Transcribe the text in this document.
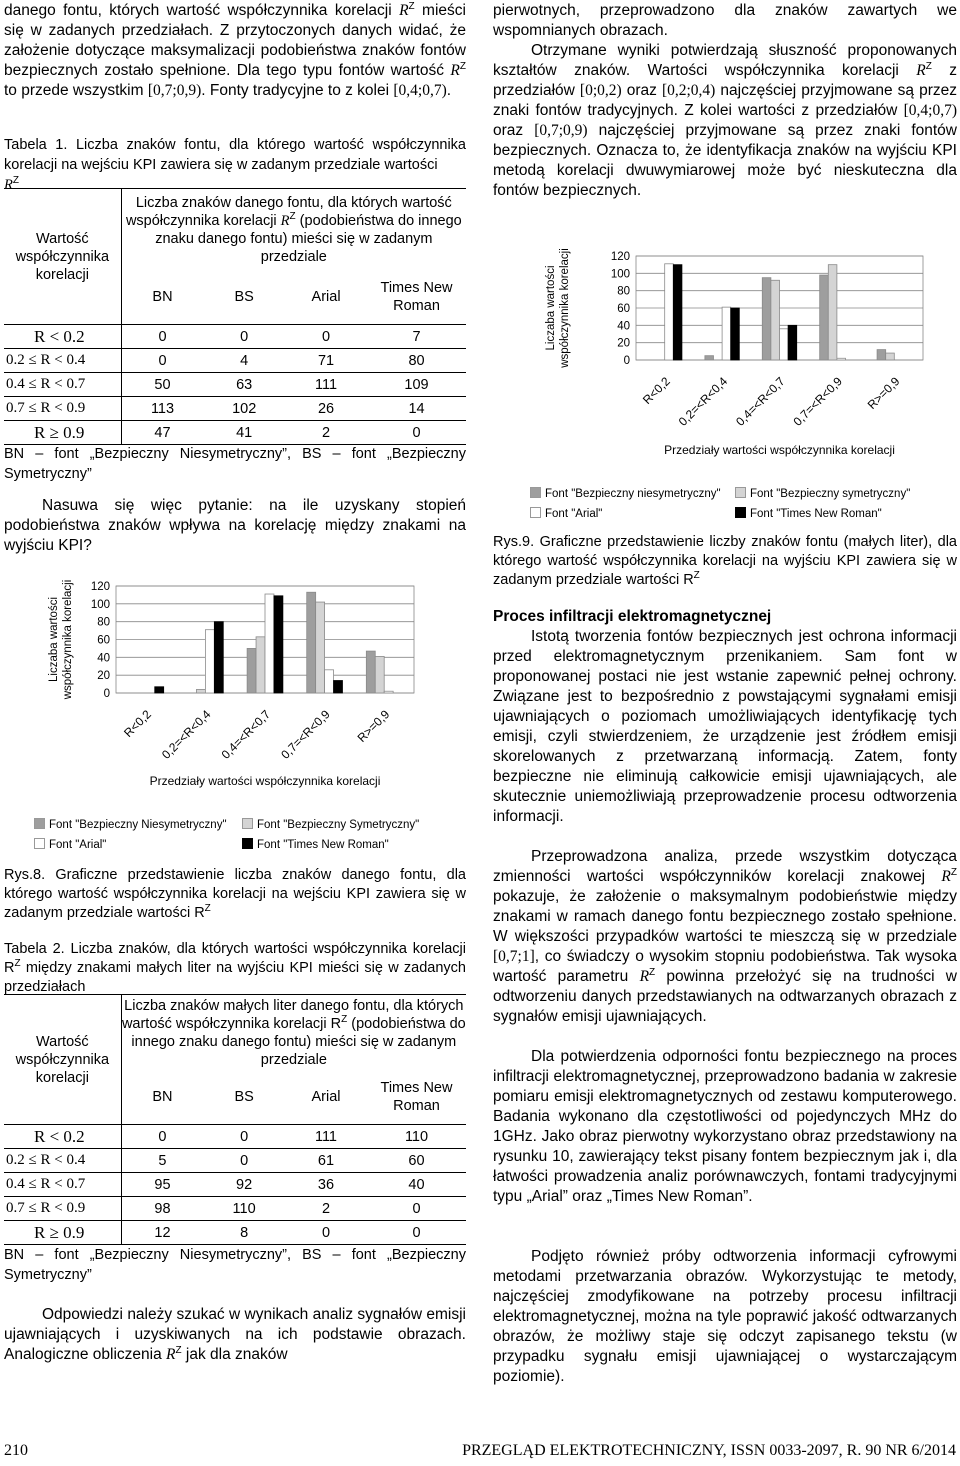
danego fontu, których wartość współczynnika korelacji $R^Z$ mieści się w zadanych przedziałach. Z przytoczonych danych widać, że założenie dotyczące maksymalizacji podobieństwa znaków fontów bezpiecznych zostało spełnione. Dla tego typu fontów wartość $R^Z$ to przede wszystkim [0,7;0,9). Fonty tradycyjne to z kolei [0,4;0,7).

Tabela 1. Liczba znaków fontu, dla którego wartość współczynnika korelacji na wejściu KPI zawiera się w zadanym przedziale wartości
$R^Z$

Wartość współczynnika korelacji	Liczba znaków danego fontu, dla których wartość współczynnika korelacji $R^Z$ (podobieństwa do innego znaku danego fontu) mieści się w zadanym przedziale			
	BN	BS	Arial	Times New Roman
R < 0.2	0	0	0	7
0.2 ≤ R < 0.4	0	4	71	80
0.4 ≤ R < 0.7	50	63	111	109
0.7 ≤ R < 0.9	113	102	26	14
R ≥ 0.9	47	41	2	0

BN – font „Bezpieczny Niesymetryczny”, BS – font „Bezpieczny Symetryczny”

Nasuwa się więc pytanie: na ile uzyskany stopień podobieństwa znaków wpływa na korelację między znakami na wyjściu KPI?

0
20
40
60
80
100
120
R<0,2 0,2=<R<0,4 0,4=<R<0,7 0,7=<R<0,9 R>=0,9
Liczaba wartości współczynnika korelacji
Przedziały wartości współczynnika korelacji
Font "Bezpieczny Niesymetryczny"	Font "Bezpieczny Symetryczny"
Font "Arial"	Font "Times New Roman"

Rys.8. Graficzne przedstawienie liczba znaków danego fontu, dla którego wartość współczynnika korelacji na wejściu KPI zawiera się w zadanym przedziale wartości $R^Z$

Tabela 2. Liczba znaków, dla których wartości współczynnika korelacji $R^Z$ między znakami małych liter na wyjściu KPI mieści się w zadanych przedziałach

Wartość współczynnika korelacji	Liczba znaków małych liter danego fontu, dla których wartość współczynnika korelacji $R^Z$ (podobieństwa do innego znaku danego fontu) mieści się w zadanym przedziale			
	BN	BS	Arial	Times New Roman
R < 0.2	0	0	111	110
0.2 ≤ R < 0.4	5	0	61	60
0.4 ≤ R < 0.7	95	92	36	40
0.7 ≤ R < 0.9	98	110	2	0
R ≥ 0.9	12	8	0	0

BN – font „Bezpieczny Niesymetryczny”, BS – font „Bezpieczny Symetryczny”

Odpowiedzi należy szukać w wynikach analiz sygnałów emisji ujawniających i uzyskiwanych na ich podstawie obrazach. Analogiczne obliczenia $R^Z$ jak dla znaków

pierwotnych, przeprowadzono dla znaków zawartych we wspomnianych obrazach.

Otrzymane wyniki potwierdzają słuszność proponowanych kształtów znaków. Wartości współczynnika korelacji $R^Z$ z przedziałów [0;0,2) oraz [0,2;0,4) najczęściej przyjmowane są przez znaki fontów tradycyjnych. Z kolei wartości z przedziałów [0,4;0,7) oraz [0,7;0,9) najczęściej przyjmowane są przez znaki fontów bezpiecznych. Oznacza to, że identyfikacja znaków na wyjściu KPI metodą korelacji dwuwymiarowej może być nieskuteczna dla fontów bezpiecznych.

0
20
40
60
80
100
120
R<0,2 0,2=<R<0,4 0,4=<R<0,7 0,7=<R<0,9 R>=0,9
Liczaba wartości współczynnika korelacji
Przedziały wartości współczynnika korelacji
Font "Bezpieczny niesymetryczny"	Font "Bezpieczny symetryczny"
Font "Arial"	Font "Times New Roman"

Rys.9. Graficzne przedstawienie liczby znaków fontu (małych liter), dla którego wartość współczynnika korelacji na wyjściu KPI zawiera się w zadanym przedziale wartości $R^Z$

Proces infiltracji elektromagnetycznej

Istotą tworzenia fontów bezpiecznych jest ochrona informacji przed elektromagnetycznym przenikaniem. Sam font w proponowanej postaci nie jest wstanie zapewnić pełnej ochrony. Związane jest to bezpośrednio z powstającymi sygnałami emisji ujawniających o poziomach umożliwiających identyfikację tych emisji, czyli stwierdzeniem, że urządzenie jest źródłem emisji skorelowanych z przetwarzaną informacją. Zatem, fonty bezpieczne nie eliminują całkowicie emisji ujawniających, ale skutecznie uniemożliwiają przeprowadzenie procesu odtworzenia informacji.

Przeprowadzona analiza, przede wszystkim dotycząca zmienności wartości współczynników korelacji znakowej $R^Z$ pokazuje, że założenie o maksymalnym podobieństwie między znakami w ramach danego fontu bezpiecznego zostało spełnione. W większości przypadków wartości te mieszczą się w przedziale [0,7;1], co świadczy o wysokim stopniu podobieństwa. Tak wysoka wartość parametru $R^Z$ powinna przełożyć się na trudności w odtworzeniu danych przedstawianych na odtwarzanych obrazach z sygnałów emisji ujawniających.

Dla potwierdzenia odporności fontu bezpiecznego na proces infiltracji elektromagnetycznej, przeprowadzono badania w zakresie pomiaru emisji elektromagnetycznych od zestawu komputerowego. Badania wykonano dla częstotliwości od pojedynczych MHz do 1GHz. Jako obraz pierwotny wykorzystano obraz przedstawiony na rysunku 10, zawierający tekst pisany fontem bezpiecznym jak i, dla łatwości prowadzenia analiz porównawczych, fontami tradycyjnymi typu „Arial” oraz „Times New Roman”.

Podjęto również próby odtworzenia informacji cyfrowymi metodami przetwarzania obrazów. Wykorzystując te metody, najczęściej zmodyfikowane na potrzeby procesu infiltracji elektromagnetycznej, można na tyle poprawić jakość odtwarzanych obrazów, że możliwy staje się odczyt zapisanego tekstu (w przypadku sygnału emisji ujawniającej o wystarczającym poziomie).

210	PRZEGLĄD ELEKTROTECHNICZNY, ISSN 0033-2097, R. 90 NR 6/2014
